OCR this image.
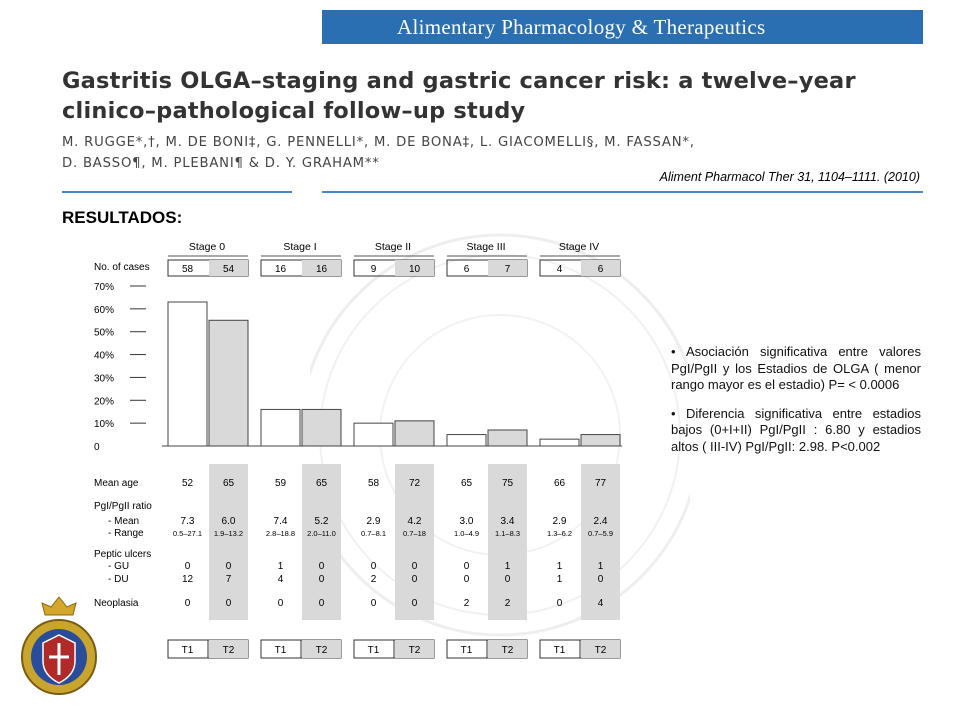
Alimentary Pharmacology & Therapeutics
Gastritis OLGA–staging and gastric cancer risk: a twelve–year
clinico–pathological follow–up study
M. RUGGE*,†, M. DE BONI‡, G. PENNELLI*, M. DE BONA‡, L. GIACOMELLI§, M. FASSAN*,
D. BASSO¶, M. PLEBANI¶ & D. Y. GRAHAM**
Aliment Pharmacol Ther 31, 1104–1111. (2010)
RESULTADOS:
Stage 0	Stage I	Stage II	Stage III	Stage IV
No. of cases	58	54	16	16	9	10	6	7	4	6
0
10%
20%
30%
40%
50%
60%
70%
Mean age	52	65	59	65	58	72	65	75	66	77
PgI/PgII ratio
- Mean	7.3	6.0	7.4	5.2	2.9	4.2	3.0	3.4	2.9	2.4
- Range	0.5–27.1 1.9–13.2	2.8–18.8 2.0–11.0	0.7–8.1 0.7–18	1.0–4.9 1.1–8.3	1.3–6.2 0.7–5.9
Peptic ulcers
- GU	0	0	1	0	0	0	0	1	1	1
- DU	12	7	4	0	2	0	0	0	1	0
Neoplasia	0	0	0	0	0	0	2	2	0	4
T1	T2	T1	T2	T1	T2	T1	T2	T1	T2

• Asociación significativa entre valores PgI/PgII y los Estadios de OLGA ( menor rango mayor es el estadio) P= < 0.0006

• Diferencia significativa entre estadios bajos (0+I+II) PgI/PgII : 6.80 y estadios altos ( III-IV) PgI/PgII: 2.98. P<0.002
